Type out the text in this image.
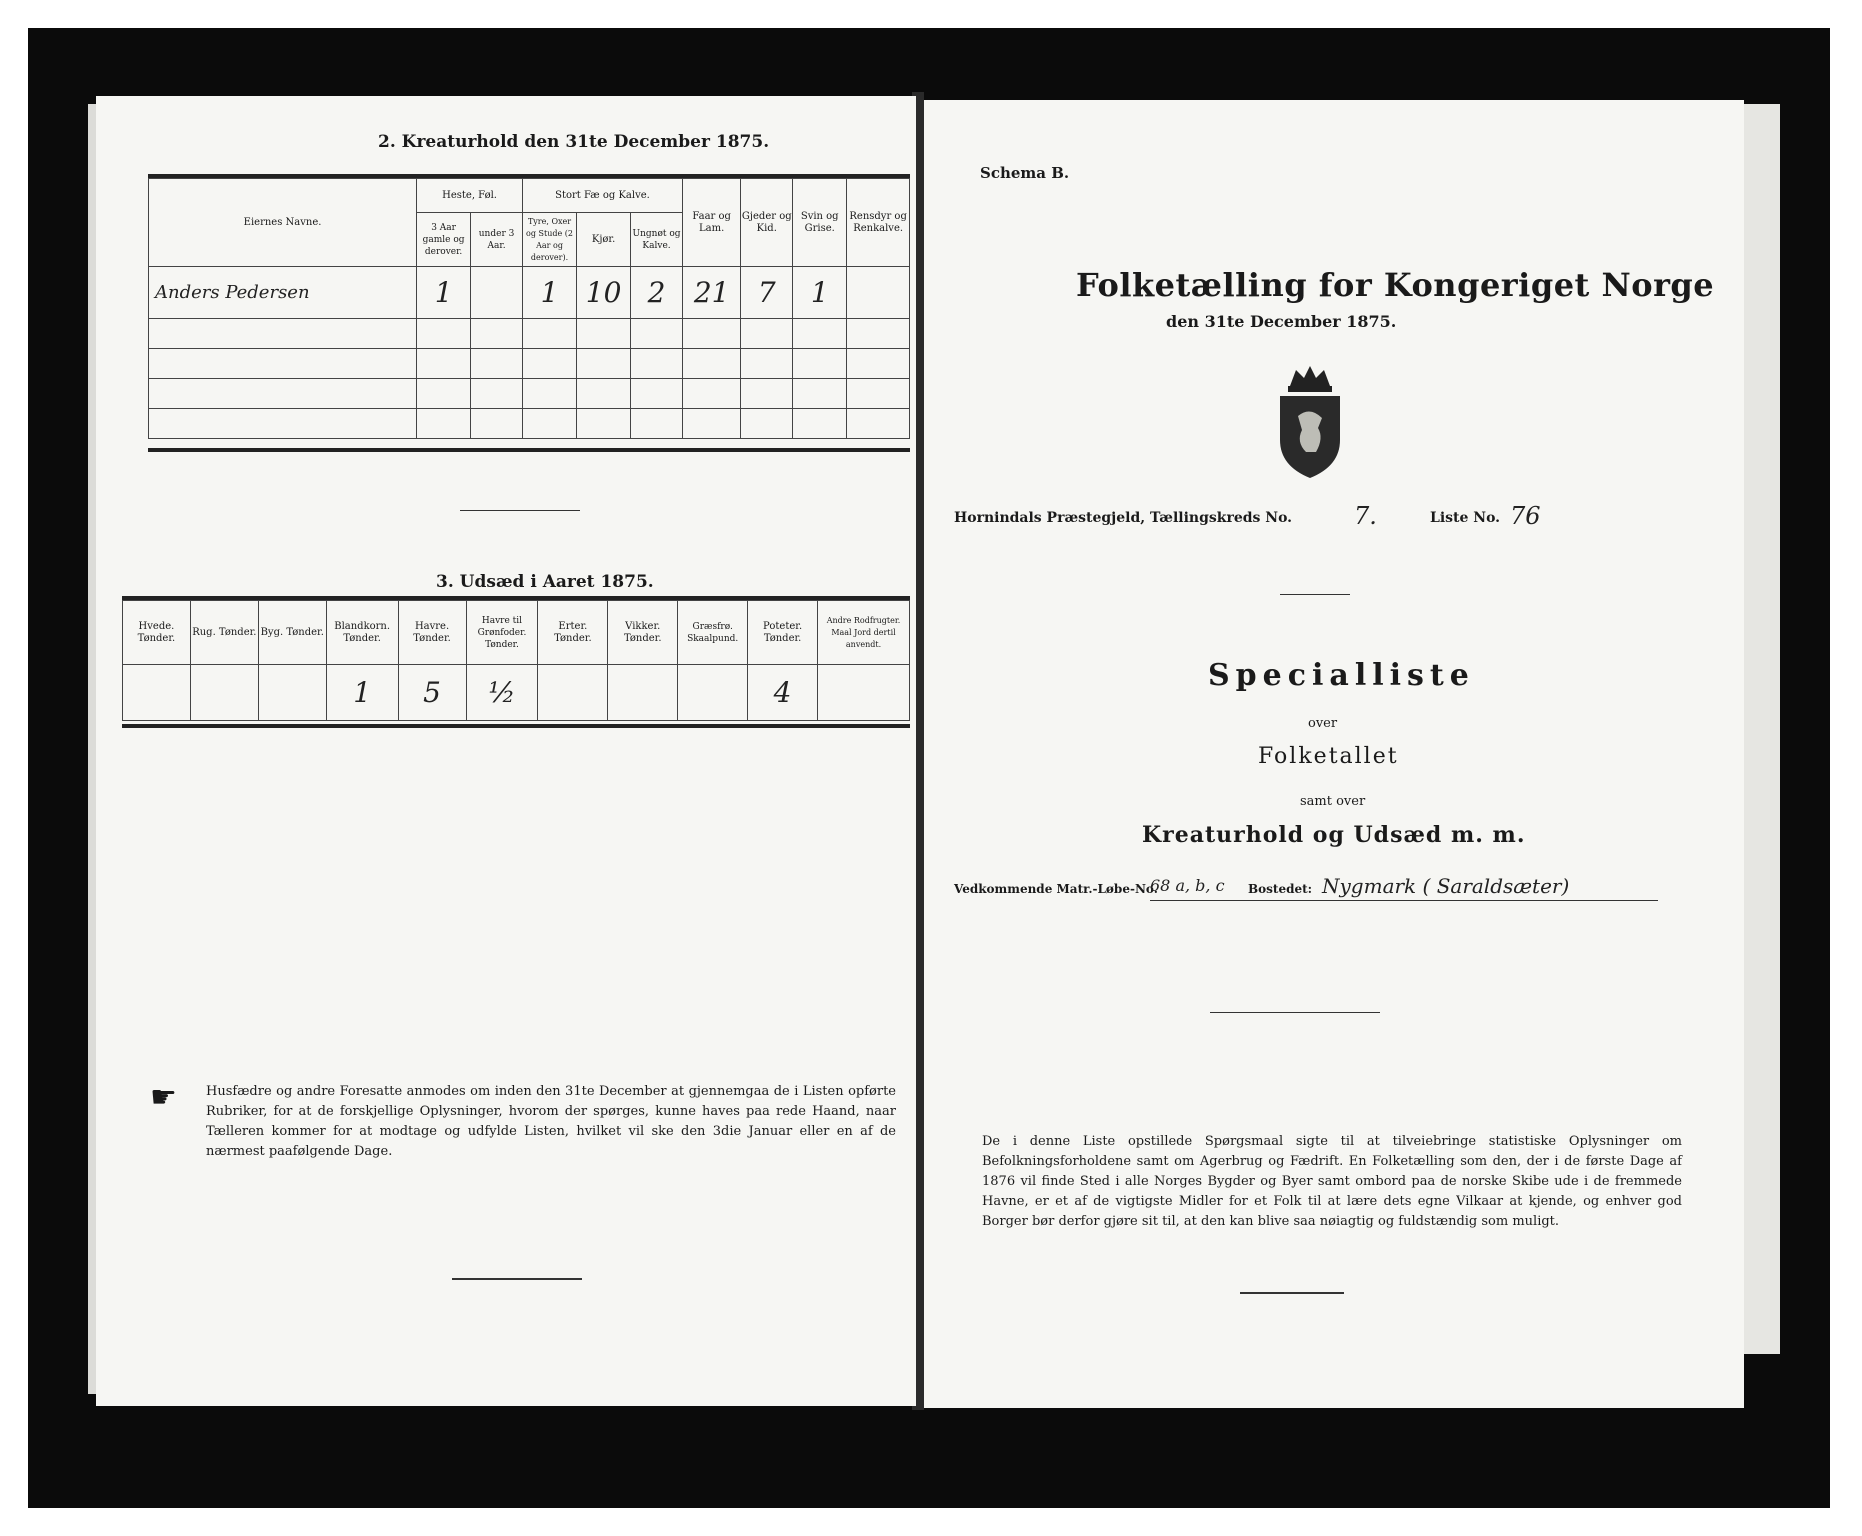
2. Kreaturhold den 31te December 1875.
Eiernes Navne.	Heste, Føl.		Stort Fæ og Kalve.			Faar og Lam.	Gjeder og Kid.	Svin og Grise.	Rensdyr og Renkalve.
	3 Aar gamle og derover.	under 3 Aar.	Tyre, Oxer og Stude (2 Aar og derover).	Kjør.	Ungnøt og Kalve.				
Anders Pedersen	1		1	10	2	21	7	1	

3. Udsæd i Aaret 1875.
Hvede. Tønder.	Rug. Tønder.	Byg. Tønder.	Blandkorn. Tønder.	Havre. Tønder.	Havre til Grønfoder. Tønder.	Erter. Tønder.	Vikker. Tønder.	Græsfrø. Skaalpund.	Poteter. Tønder.	Andre Rodfrugter. Maal Jord dertil anvendt.
			1	5	½				4	
☛ Husfædre og andre Foresatte anmodes om inden den 31te December at gjennemgaa de i Listen opførte Rubriker, for at de forskjellige Oplysninger, hvorom der spørges, kunne haves paa rede Haand, naar Tælleren kommer for at modtage og udfylde Listen, hvilket vil ske den 3die Januar eller en af de nærmest paafølgende Dage.
Schema B.
Folketælling for Kongeriget Norge
den 31te December 1875.
Hornindals Præstegjeld, Tællingskreds No.	7.	Liste No. 76
Specialliste
over
Folketallet
samt over
Kreaturhold og Udsæd m. m.
Vedkommende Matr.-Løbe-No.
68 a, b, c Bostedet: Nygmark ( Saraldsæter)
De i denne Liste opstillede Spørgsmaal sigte til at tilveiebringe statistiske Oplysninger om Befolkningsforholdene samt om Agerbrug og Fædrift. En Folketælling som den, der i de første Dage af 1876 vil finde Sted i alle Norges Bygder og Byer samt ombord paa de norske Skibe ude i de fremmede Havne, er et af de vigtigste Midler for et Folk til at lære dets egne Vilkaar at kjende, og enhver god Borger bør derfor gjøre sit til, at den kan blive saa nøiagtig og fuldstændig som muligt.
